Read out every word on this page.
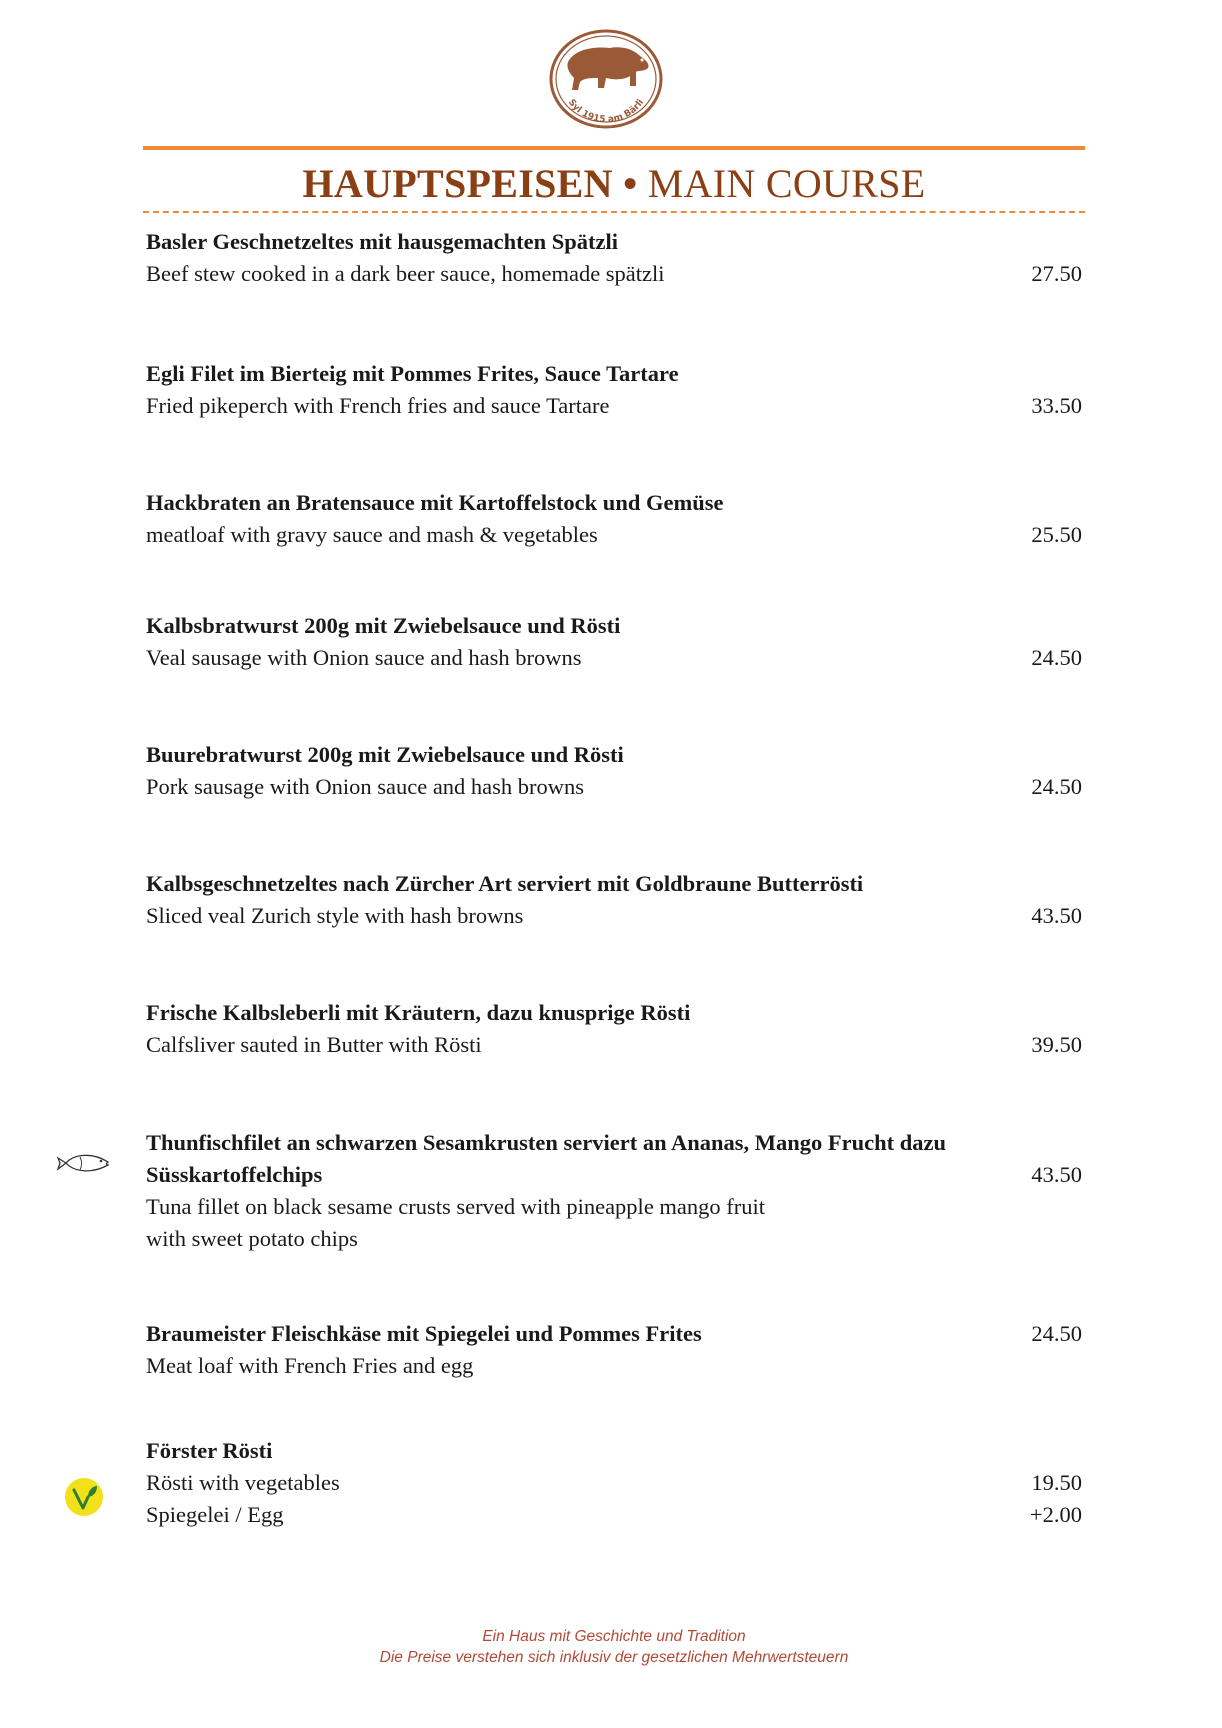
Syl 1915 am Bärli
HAUPTSPEISEN • MAIN COURSE
Basler Geschnetzeltes mit hausgemachten Spätzli
Beef stew cooked in a dark beer sauce, homemade spätzli	27.50
Egli Filet im Bierteig mit Pommes Frites, Sauce Tartare
Fried pikeperch with French fries and sauce Tartare	33.50
Hackbraten an Bratensauce mit Kartoffelstock und Gemüse
meatloaf with gravy sauce and mash & vegetables	25.50
Kalbsbratwurst 200g mit Zwiebelsauce und Rösti
Veal sausage with Onion sauce and hash browns	24.50
Buurebratwurst 200g mit Zwiebelsauce und Rösti
Pork sausage with Onion sauce and hash browns	24.50
Kalbsgeschnetzeltes nach Zürcher Art serviert mit Goldbraune Butterrösti
Sliced veal Zurich style with hash browns	43.50
Frische Kalbsleberli mit Kräutern, dazu knusprige Rösti
Calfsliver sauted in Butter with Rösti	39.50
Thunfischfilet an schwarzen Sesamkrusten serviert an Ananas, Mango Frucht dazu
Süsskartoffelchips	43.50
Tuna fillet on black sesame crusts served with pineapple mango fruit
with sweet potato chips
Braumeister Fleischkäse mit Spiegelei und Pommes Frites	24.50
Meat loaf with French Fries and egg
Förster Rösti
Rösti with vegetables	19.50
Spiegelei / Egg	+2.00
Ein Haus mit Geschichte und Tradition
Die Preise verstehen sich inklusiv der gesetzlichen Mehrwertsteuern
